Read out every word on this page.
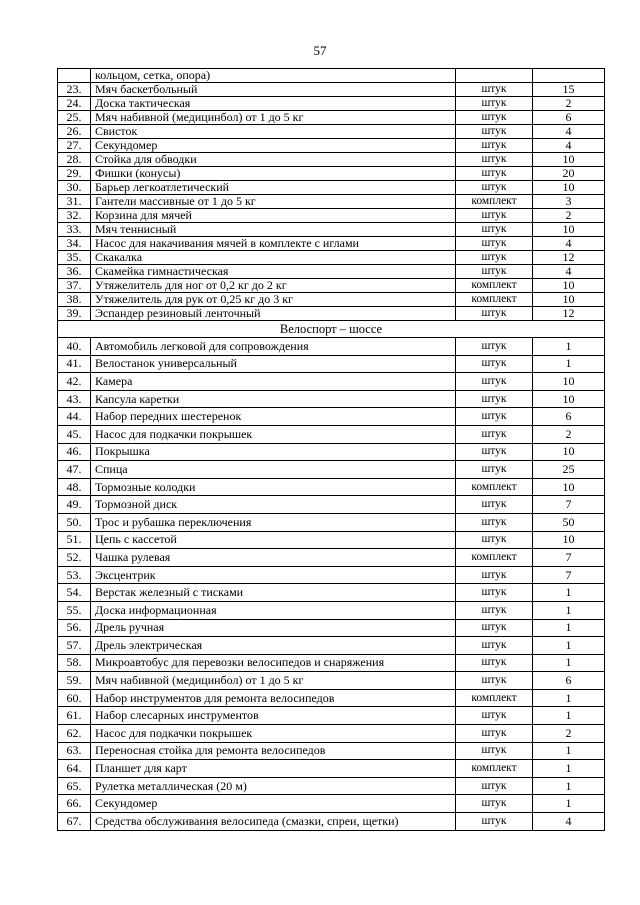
57
	кольцом, сетка, опора)		
23.	Мяч баскетбольный	штук	15
24.	Доска тактическая	штук	2
25.	Мяч набивной (медицинбол) от 1 до 5 кг	штук	6
26.	Свисток	штук	4
27.	Секундомер	штук	4
28.	Стойка для обводки	штук	10
29.	Фишки (конусы)	штук	20
30.	Барьер легкоатлетический	штук	10
31.	Гантели массивные от 1 до 5 кг	комплект	3
32.	Корзина для мячей	штук	2
33.	Мяч теннисный	штук	10
34.	Насос для накачивания мячей в комплекте с иглами	штук	4
35.	Скакалка	штук	12
36.	Скамейка гимнастическая	штук	4
37.	Утяжелитель для ног от 0,2 кг до 2 кг	комплект	10
38.	Утяжелитель для рук от 0,25 кг до 3 кг	комплект	10
39.	Эспандер резиновый ленточный	штук	12
Велоспорт – шоссе			
40.	Автомобиль легковой для сопровождения	штук	1
41.	Велостанок универсальный	штук	1
42.	Камера	штук	10
43.	Капсула каретки	штук	10
44.	Набор передних шестеренок	штук	6
45.	Насос для подкачки покрышек	штук	2
46.	Покрышка	штук	10
47.	Спица	штук	25
48.	Тормозные колодки	комплект	10
49.	Тормозной диск	штук	7
50.	Трос и рубашка переключения	штук	50
51.	Цепь с кассетой	штук	10
52.	Чашка рулевая	комплект	7
53.	Эксцентрик	штук	7
54.	Верстак железный с тисками	штук	1
55.	Доска информационная	штук	1
56.	Дрель ручная	штук	1
57.	Дрель электрическая	штук	1
58.	Микроавтобус для перевозки велосипедов и снаряжения	штук	1
59.	Мяч набивной (медицинбол) от 1 до 5 кг	штук	6
60.	Набор инструментов для ремонта велосипедов	комплект	1
61.	Набор слесарных инструментов	штук	1
62.	Насос для подкачки покрышек	штук	2
63.	Переносная стойка для ремонта велосипедов	штук	1
64.	Планшет для карт	комплект	1
65.	Рулетка металлическая (20 м)	штук	1
66.	Секундомер	штук	1
67.	Средства обслуживания велосипеда (смазки, спреи, щетки)	штук	4
